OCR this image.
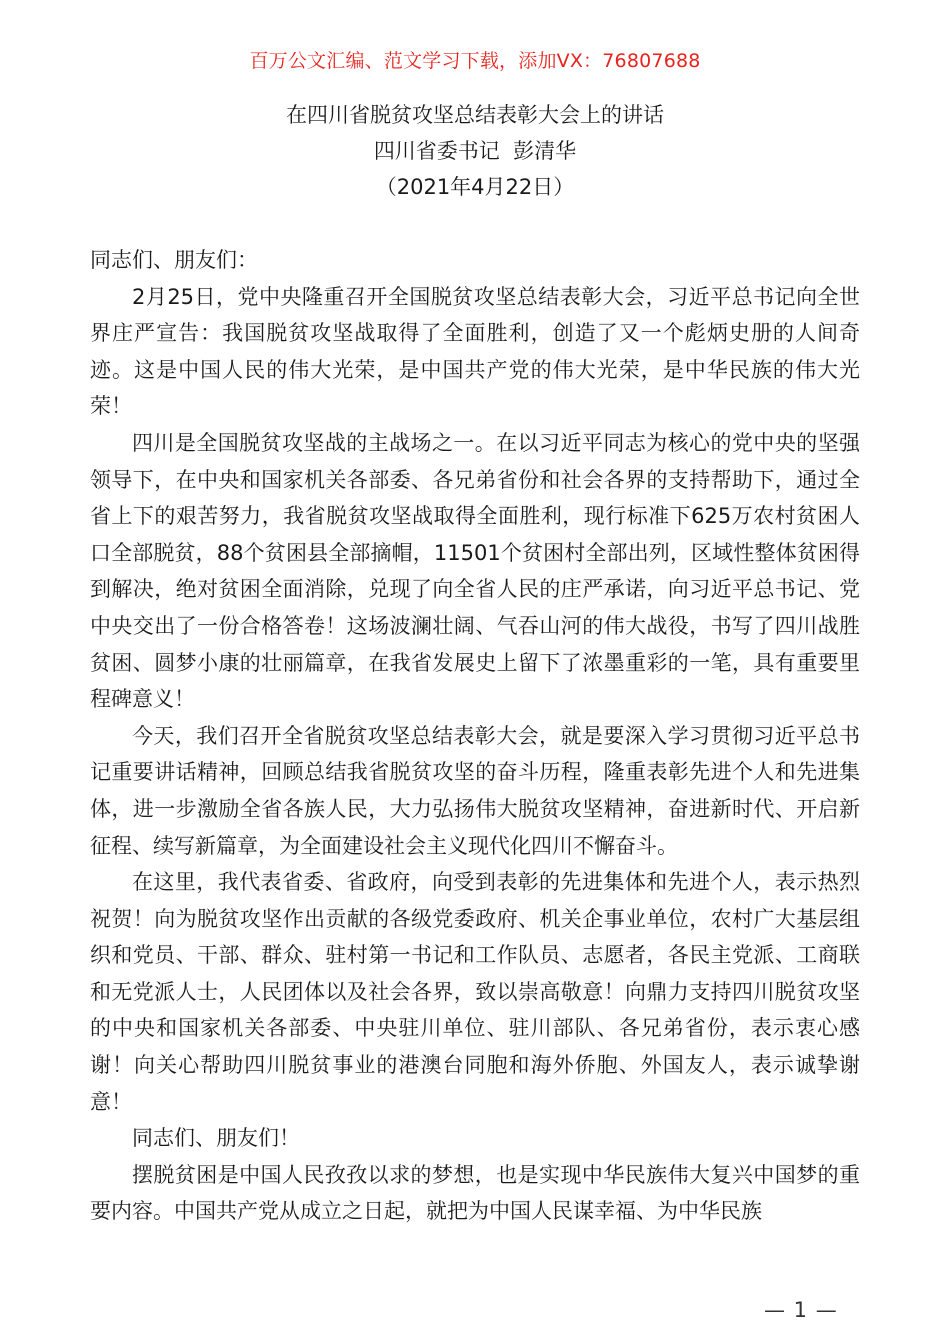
百万公文汇编、范文学习下载，添加VX：76807688
在四川省脱贫攻坚总结表彰大会上的讲话
四川省委书记  彭清华
（2021年4月22日）

同志们、朋友们：

2月25日，党中央隆重召开全国脱贫攻坚总结表彰大会，习近平总书记向全世界庄严宣告：我国脱贫攻坚战取得了全面胜利，创造了又一个彪炳史册的人间奇迹。这是中国人民的伟大光荣，是中国共产党的伟大光荣，是中华民族的伟大光荣！

四川是全国脱贫攻坚战的主战场之一。在以习近平同志为核心的党中央的坚强领导下，在中央和国家机关各部委、各兄弟省份和社会各界的支持帮助下，通过全省上下的艰苦努力，我省脱贫攻坚战取得全面胜利，现行标准下625万农村贫困人口全部脱贫，88个贫困县全部摘帽，11501个贫困村全部出列，区域性整体贫困得到解决，绝对贫困全面消除，兑现了向全省人民的庄严承诺，向习近平总书记、党中央交出了一份合格答卷！这场波澜壮阔、气吞山河的伟大战役，书写了四川战胜贫困、圆梦小康的壮丽篇章，在我省发展史上留下了浓墨重彩的一笔，具有重要里程碑意义！

今天，我们召开全省脱贫攻坚总结表彰大会，就是要深入学习贯彻习近平总书记重要讲话精神，回顾总结我省脱贫攻坚的奋斗历程，隆重表彰先进个人和先进集体，进一步激励全省各族人民，大力弘扬伟大脱贫攻坚精神，奋进新时代、开启新征程、续写新篇章，为全面建设社会主义现代化四川不懈奋斗。

在这里，我代表省委、省政府，向受到表彰的先进集体和先进个人，表示热烈祝贺！向为脱贫攻坚作出贡献的各级党委政府、机关企事业单位，农村广大基层组织和党员、干部、群众、驻村第一书记和工作队员、志愿者，各民主党派、工商联和无党派人士，人民团体以及社会各界，致以崇高敬意！向鼎力支持四川脱贫攻坚的中央和国家机关各部委、中央驻川单位、驻川部队、各兄弟省份，表示衷心感谢！向关心帮助四川脱贫事业的港澳台同胞和海外侨胞、外国友人，表示诚挚谢意！

同志们、朋友们！

摆脱贫困是中国人民孜孜以求的梦想，也是实现中华民族伟大复兴中国梦的重要内容。中国共产党从成立之日起，就把为中国人民谋幸福、为中华民族

— 1 —
